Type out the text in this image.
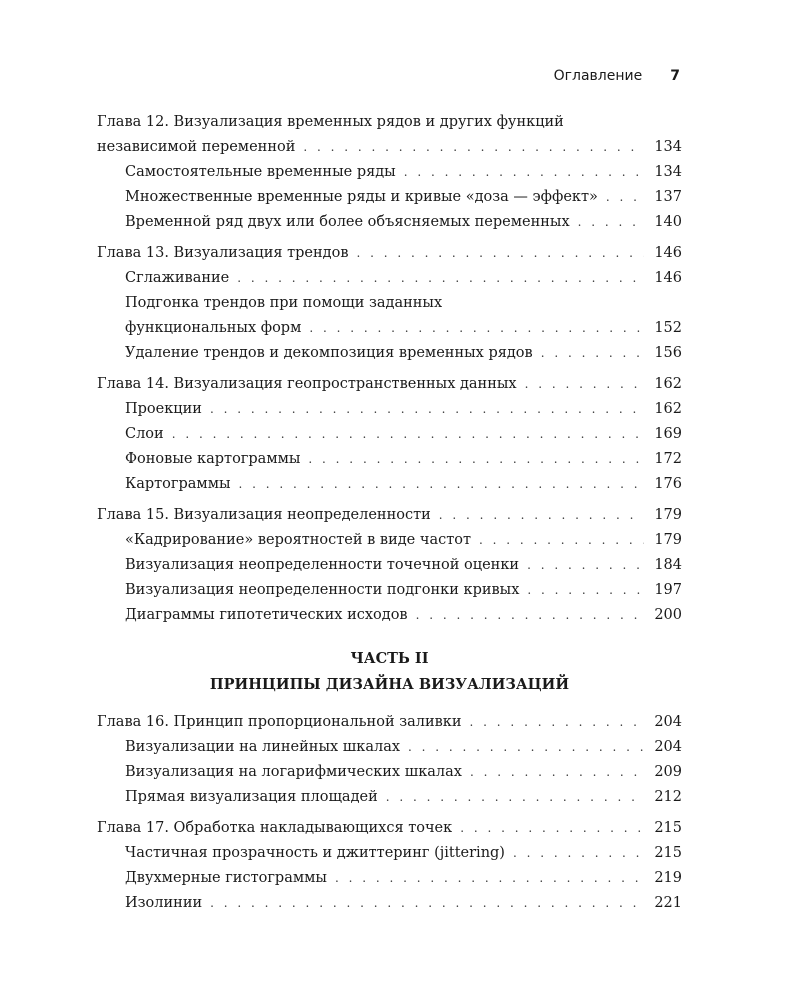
Оглавление 7
Глава 12. Визуализация временных рядов и других функций
независимой переменной . . .	134
Самостоятельные временные ряды . . .	134
Множественные временные ряды и кривые «доза — эффект» . . .	137
Временной ряд двух или более объясняемых переменных . . .	140
Глава 13. Визуализация трендов . . .	146
Сглаживание . . .	146
Подгонка трендов при помощи заданных
функциональных форм . . .	152
Удаление трендов и декомпозиция временных рядов . . .	156
Глава 14. Визуализация геопространственных данных . . .	162
Проекции . . .	162
Слои . . .	169
Фоновые картограммы . . .	172
Картограммы . . .	176
Глава 15. Визуализация неопределенности . . .	179
«Кадрирование» вероятностей в виде частот . . .	179
Визуализация неопределенности точечной оценки . . .	184
Визуализация неопределенности подгонки кривых . . .	197
Диаграммы гипотетических исходов . . .	200
ЧАСТЬ II
ПРИНЦИПЫ ДИЗАЙНА ВИЗУАЛИЗАЦИЙ
Глава 16. Принцип пропорциональной заливки . . .	204
Визуализации на линейных шкалах . . .	204
Визуализация на логарифмических шкалах . . .	209
Прямая визуализация площадей . . .	212
Глава 17. Обработка накладывающихся точек . . .	215
Частичная прозрачность и джиттеринг (jittering) . . .	215
Двухмерные гистограммы . . .	219
Изолинии . . .	221
